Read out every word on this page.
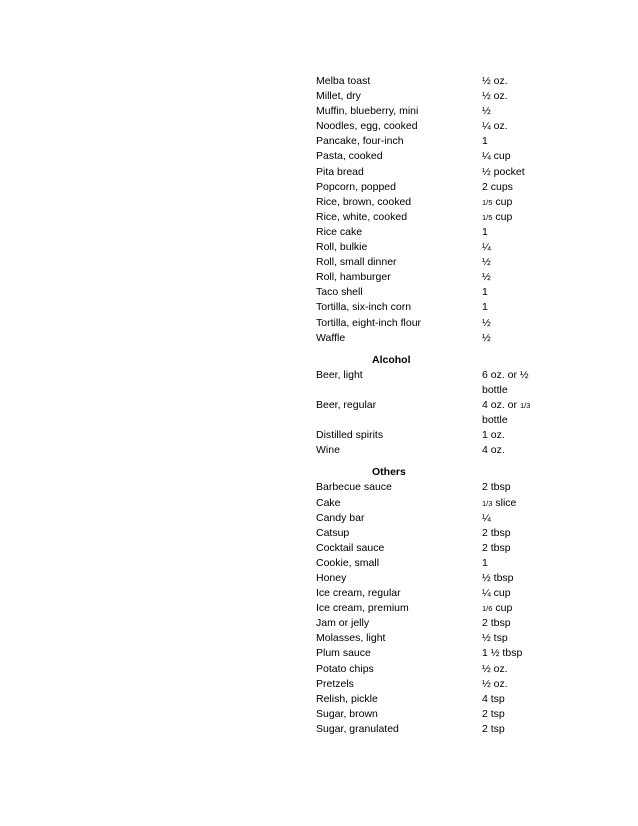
Melba toast	½ oz.
Millet, dry	½ oz.
Muffin, blueberry, mini	½
Noodles, egg, cooked	¼ oz.
Pancake, four-inch	1
Pasta, cooked	¼ cup
Pita bread	½ pocket
Popcorn, popped	2 cups
Rice, brown, cooked	1/5 cup
Rice, white, cooked	1/5 cup
Rice cake	1
Roll, bulkie	¼
Roll, small dinner	½
Roll, hamburger	½
Taco shell	1
Tortilla, six-inch corn	1
Tortilla, eight-inch flour	½
Waffle	½
Alcohol
Beer, light	6 oz. or ½ bottle
Beer, regular	4 oz. or 1/3 bottle
Distilled spirits	1 oz.
Wine	4 oz.
Others
Barbecue sauce	2 tbsp
Cake	1/3 slice
Candy bar	¼
Catsup	2 tbsp
Cocktail sauce	2 tbsp
Cookie, small	1
Honey	½ tbsp
Ice cream, regular	¼ cup
Ice cream, premium	1/6 cup
Jam or jelly	2 tbsp
Molasses, light	½ tsp
Plum sauce	1 ½ tbsp
Potato chips	½ oz.
Pretzels	½ oz.
Relish, pickle	4 tsp
Sugar, brown	2 tsp
Sugar, granulated	2 tsp
